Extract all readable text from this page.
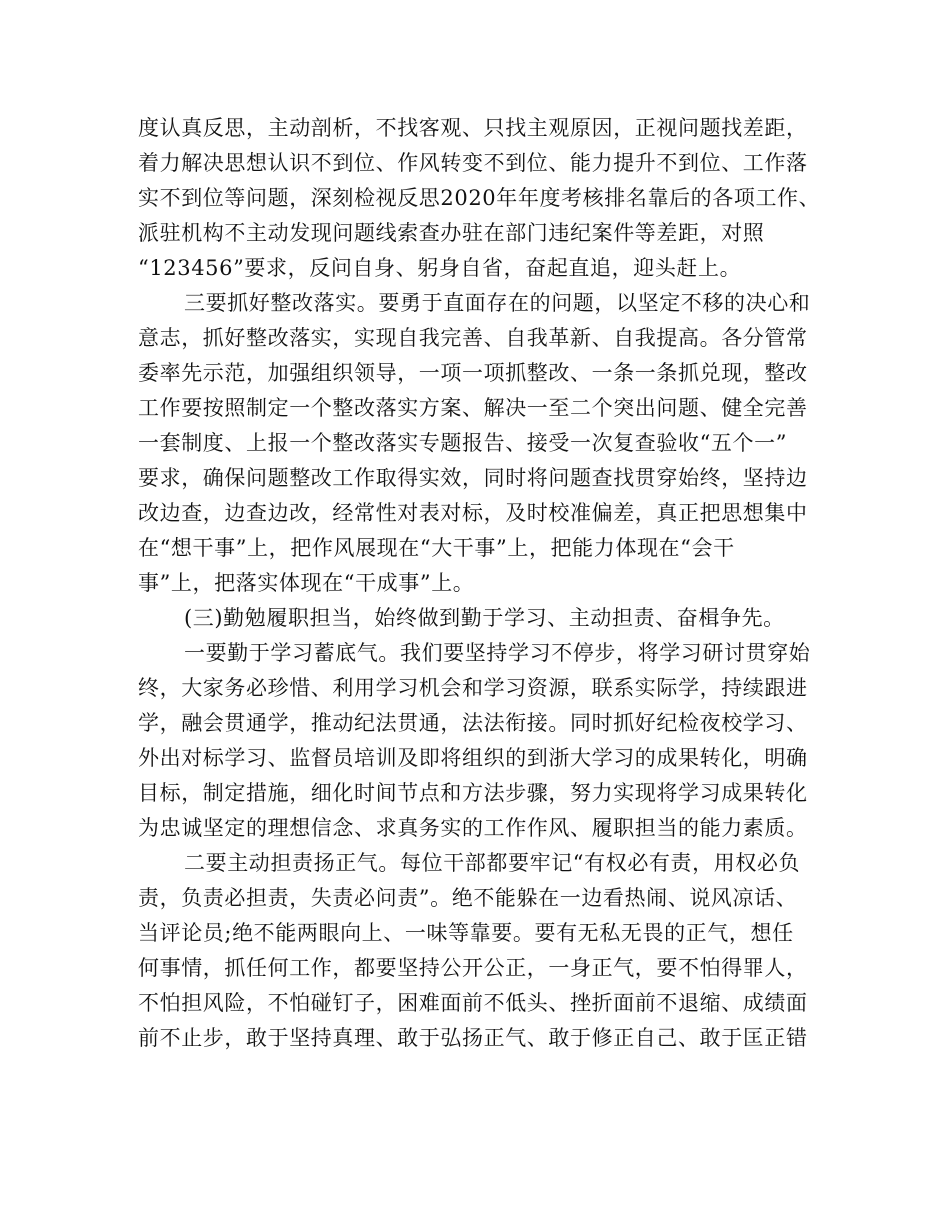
度认真反思，主动剖析，不找客观、只找主观原因，正视问题找差距，
着力解决思想认识不到位、作风转变不到位、能力提升不到位、工作落
实不到位等问题，深刻检视反思2020年年度考核排名靠后的各项工作、
派驻机构不主动发现问题线索查办驻在部门违纪案件等差距，对照
“123456”要求，反问自身、躬身自省，奋起直追，迎头赶上。
三要抓好整改落实。要勇于直面存在的问题，以坚定不移的决心和
意志，抓好整改落实，实现自我完善、自我革新、自我提高。各分管常
委率先示范，加强组织领导，一项一项抓整改、一条一条抓兑现，整改
工作要按照制定一个整改落实方案、解决一至二个突出问题、健全完善
一套制度、上报一个整改落实专题报告、接受一次复查验收“五个一”
要求，确保问题整改工作取得实效，同时将问题查找贯穿始终，坚持边
改边查，边查边改，经常性对表对标，及时校准偏差，真正把思想集中
在“想干事”上，把作风展现在“大干事”上，把能力体现在“会干
事”上，把落实体现在“干成事”上。
(三)勤勉履职担当，始终做到勤于学习、主动担责、奋楫争先。
一要勤于学习蓄底气。我们要坚持学习不停步，将学习研讨贯穿始
终，大家务必珍惜、利用学习机会和学习资源，联系实际学，持续跟进
学，融会贯通学，推动纪法贯通，法法衔接。同时抓好纪检夜校学习、
外出对标学习、监督员培训及即将组织的到浙大学习的成果转化，明确
目标，制定措施，细化时间节点和方法步骤，努力实现将学习成果转化
为忠诚坚定的理想信念、求真务实的工作作风、履职担当的能力素质。
二要主动担责扬正气。每位干部都要牢记“有权必有责，用权必负
责，负责必担责，失责必问责”。绝不能躲在一边看热闹、说风凉话、
当评论员;绝不能两眼向上、一味等靠要。要有无私无畏的正气，想任
何事情，抓任何工作，都要坚持公开公正，一身正气，要不怕得罪人，
不怕担风险，不怕碰钉子，困难面前不低头、挫折面前不退缩、成绩面
前不止步，敢于坚持真理、敢于弘扬正气、敢于修正自己、敢于匡正错
